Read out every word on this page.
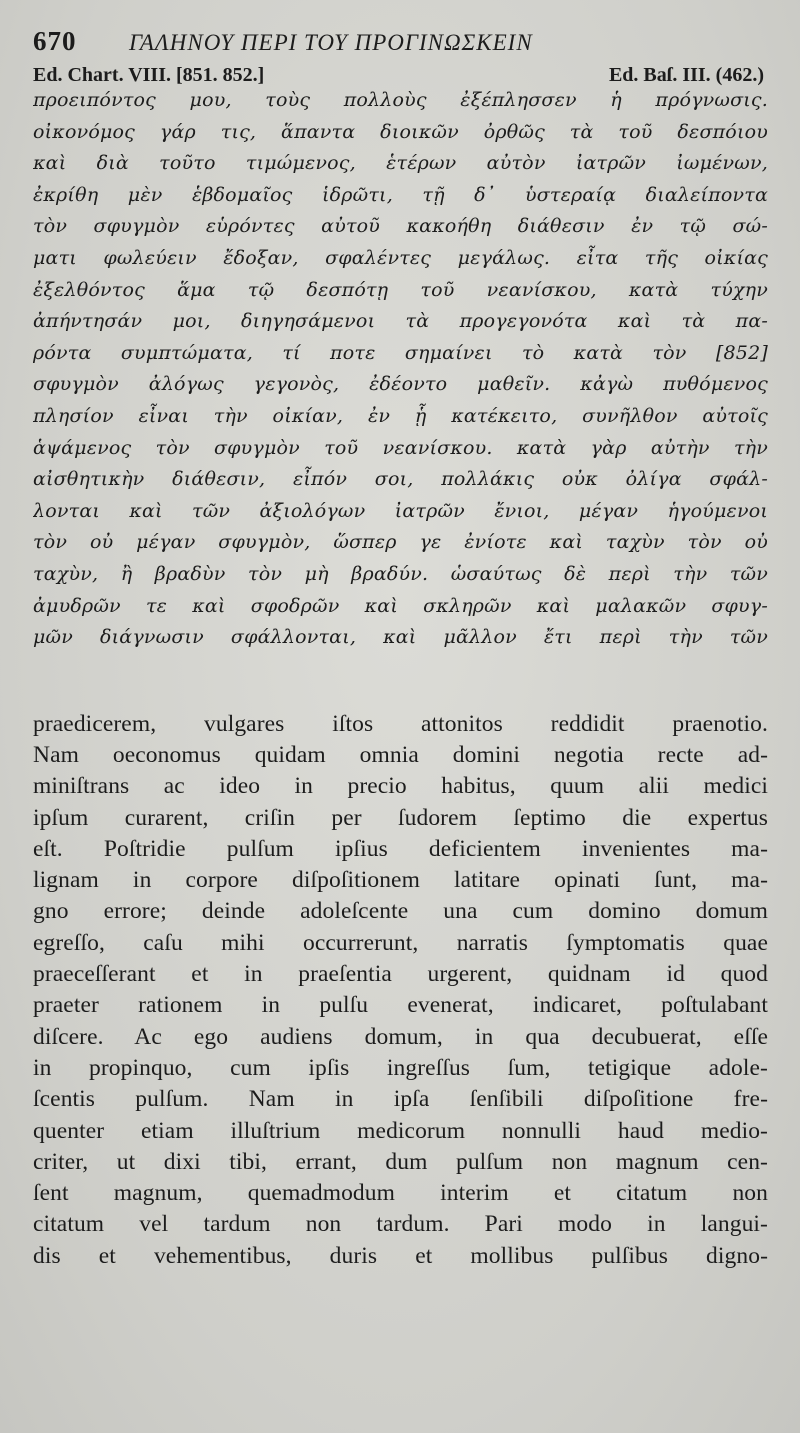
670	ΓΑΛΗΝΟΥ ΠΕΡΙ ΤΟΥ ΠΡΟΓΙΝΩΣΚΕΙΝ
Ed. Chart. VIII. [851. 852.]	Ed. Baſ. III. (462.)
προειπόντος μου, τοὺς πολλοὺς ἐξέπλησσεν ἡ πρόγνωσις.
οἰκονόμος γάρ τις, ἅπαντα διοικῶν ὀρθῶς τὰ τοῦ δεσπόιου
καὶ διὰ τοῦτο τιμώμενος, ἑτέρων αὐτὸν ἰατρῶν ἰωμένων,
ἐκρίθη μὲν ἑβδομαῖος ἱδρῶτι, τῇ δ᾽ ὑστεραίᾳ διαλείποντα
τὸν σφυγμὸν εὑρόντες αὐτοῦ κακοήθη διάθεσιν ἐν τῷ σώ-
ματι φωλεύειν ἔδοξαν, σφαλέντες μεγάλως. εἶτα τῆς οἰκίας
ἐξελθόντος ἅμα τῷ δεσπότῃ τοῦ νεανίσκου, κατὰ τύχην
ἀπήντησάν μοι, διηγησάμενοι τὰ προγεγονότα καὶ τὰ πα-
ρόντα συμπτώματα, τί ποτε σημαίνει τὸ κατὰ τὸν [852]
σφυγμὸν ἀλόγως γεγονὸς, ἐδέοντο μαθεῖν. κἀγὼ πυθόμενος
πλησίον εἶναι τὴν οἰκίαν, ἐν ᾗ κατέκειτο, συνῆλθον αὐτοῖς
ἁψάμενος τὸν σφυγμὸν τοῦ νεανίσκου. κατὰ γὰρ αὐτὴν τὴν
αἰσθητικὴν διάθεσιν, εἶπόν σοι, πολλάκις οὐκ ὀλίγα σφάλ-
λονται καὶ τῶν ἀξιολόγων ἰατρῶν ἔνιοι, μέγαν ἡγούμενοι
τὸν οὐ μέγαν σφυγμὸν, ὥσπερ γε ἐνίοτε καὶ ταχὺν τὸν οὐ
ταχὺν, ἢ βραδὺν τὸν μὴ βραδύν. ὡσαύτως δὲ περὶ τὴν τῶν
ἀμυδρῶν τε καὶ σφοδρῶν καὶ σκληρῶν καὶ μαλακῶν σφυγ-
μῶν διάγνωσιν σφάλλονται, καὶ μᾶλλον ἔτι περὶ τὴν τῶν
praedicerem, vulgares iſtos attonitos reddidit praenotio.
Nam oeconomus quidam omnia domini negotia recte ad-
miniſtrans ac ideo in precio habitus, quum alii medici
ipſum curarent, criſin per ſudorem ſeptimo die expertus
eſt. Poſtridie pulſum ipſius deficientem invenientes ma-
lignam in corpore diſpoſitionem latitare opinati ſunt, ma-
gno errore; deinde adoleſcente una cum domino domum
egreſſo, caſu mihi occurrerunt, narratis ſymptomatis quae
praeceſſerant et in praeſentia urgerent, quidnam id quod
praeter rationem in pulſu evenerat, indicaret, poſtulabant
diſcere. Ac ego audiens domum, in qua decubuerat, eſſe
in propinquo, cum ipſis ingreſſus ſum, tetigique adole-
ſcentis pulſum. Nam in ipſa ſenſibili diſpoſitione fre-
quenter etiam illuſtrium medicorum nonnulli haud medio-
criter, ut dixi tibi, errant, dum pulſum non magnum cen-
ſent magnum, quemadmodum interim et citatum non
citatum vel tardum non tardum. Pari modo in langui-
dis et vehementibus, duris et mollibus pulſibus digno-
